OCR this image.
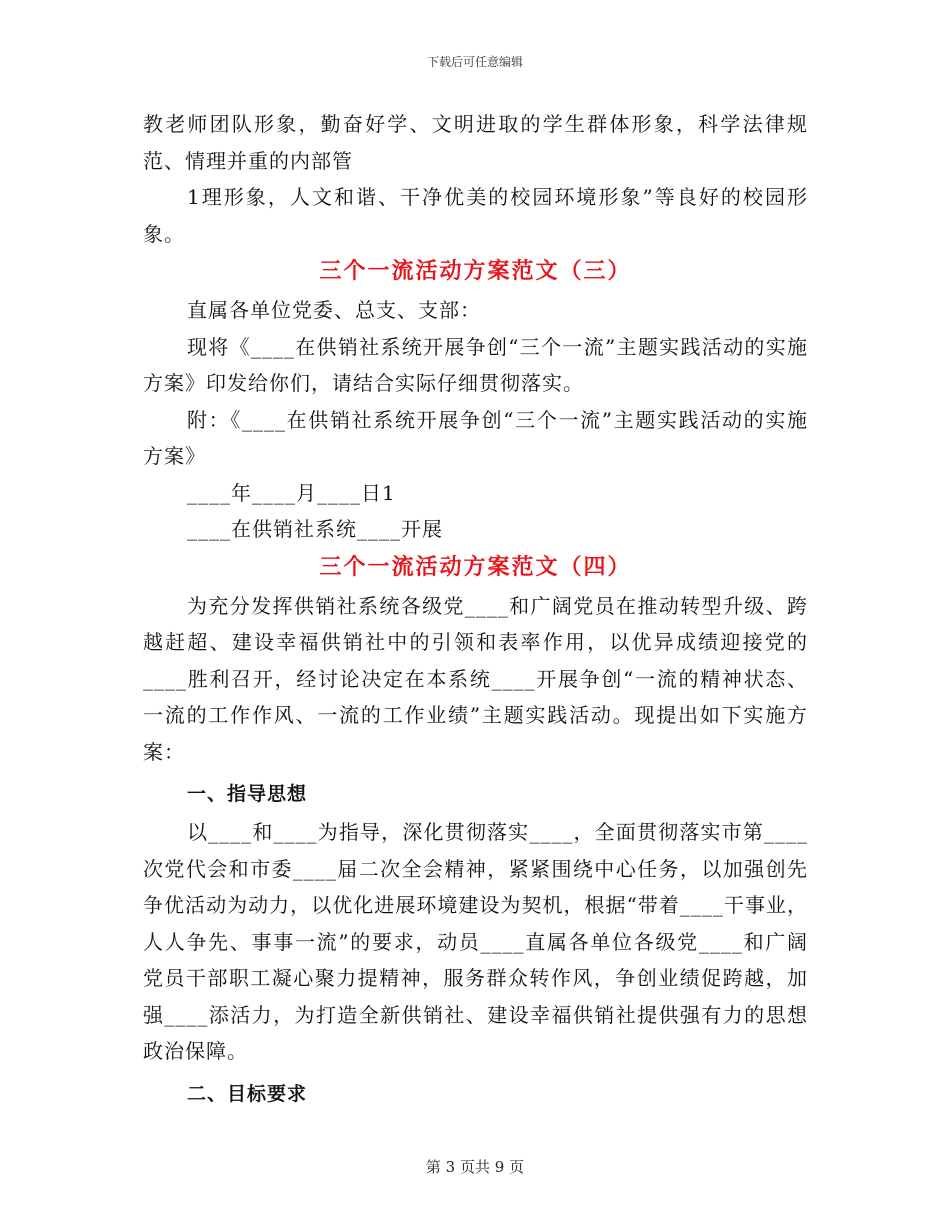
下载后可任意编辑

教老师团队形象，勤奋好学、文明进取的学生群体形象，科学法律规范、情理并重的内部管

1理形象，人文和谐、干净优美的校园环境形象”等良好的校园形象。

三个一流活动方案范文（三）

直属各单位党委、总支、支部：

现将《____在供销社系统开展争创“三个一流”主题实践活动的实施方案》印发给你们，请结合实际仔细贯彻落实。

附：《____在供销社系统开展争创“三个一流”主题实践活动的实施方案》

____年____月____日1

____在供销社系统____开展

三个一流活动方案范文（四）

为充分发挥供销社系统各级党____和广阔党员在推动转型升级、跨越赶超、建设幸福供销社中的引领和表率作用，以优异成绩迎接党的____胜利召开，经讨论决定在本系统____开展争创“一流的精神状态、一流的工作作风、一流的工作业绩”主题实践活动。现提出如下实施方案：

一、指导思想

以____和____为指导，深化贯彻落实____，全面贯彻落实市第____次党代会和市委____届二次全会精神，紧紧围绕中心任务，以加强创先争优活动为动力，以优化进展环境建设为契机，根据“带着____干事业，人人争先、事事一流”的要求，动员____直属各单位各级党____和广阔党员干部职工凝心聚力提精神，服务群众转作风，争创业绩促跨越，加强____添活力，为打造全新供销社、建设幸福供销社提供强有力的思想政治保障。

二、目标要求
第 3 页共 9 页
